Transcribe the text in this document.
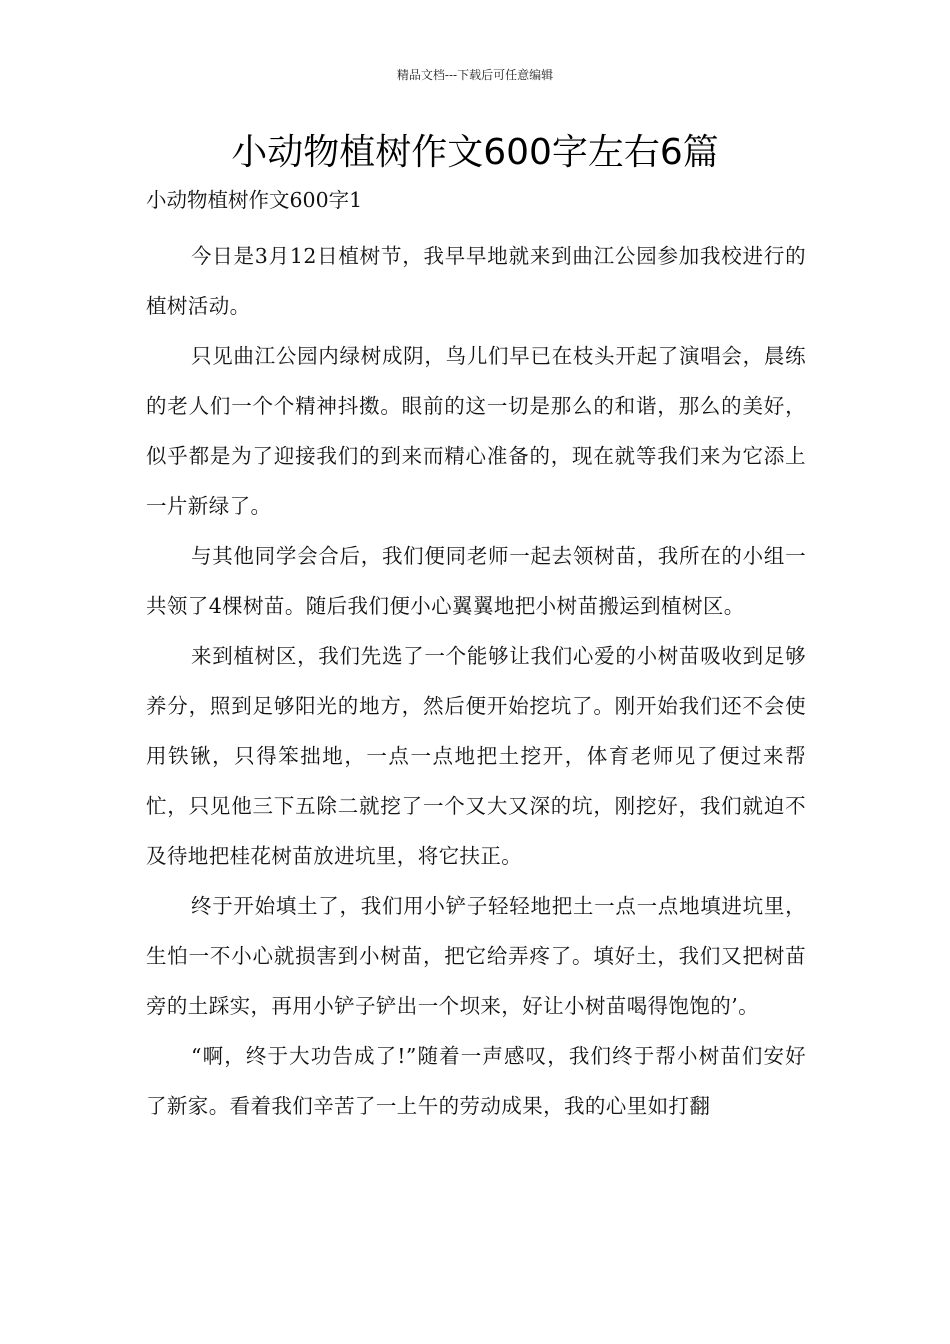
精品文档---下载后可任意编辑
小动物植树作文600字左右6篇
小动物植树作文600字1

今日是3月12日植树节，我早早地就来到曲江公园参加我校进行的植树活动。

只见曲江公园内绿树成阴，鸟儿们早已在枝头开起了演唱会，晨练的老人们一个个精神抖擞。眼前的这一切是那么的和谐，那么的美好，似乎都是为了迎接我们的到来而精心准备的，现在就等我们来为它添上一片新绿了。

与其他同学会合后，我们便同老师一起去领树苗，我所在的小组一共领了4棵树苗。随后我们便小心翼翼地把小树苗搬运到植树区。

来到植树区，我们先选了一个能够让我们心爱的小树苗吸收到足够养分，照到足够阳光的地方，然后便开始挖坑了。刚开始我们还不会使用铁锹，只得笨拙地，一点一点地把土挖开，体育老师见了便过来帮忙，只见他三下五除二就挖了一个又大又深的坑，刚挖好，我们就迫不及待地把桂花树苗放进坑里，将它扶正。

终于开始填土了，我们用小铲子轻轻地把土一点一点地填进坑里，生怕一不小心就损害到小树苗，把它给弄疼了。填好土，我们又把树苗旁的土踩实，再用小铲子铲出一个坝来，好让小树苗喝得饱饱的’。

“啊，终于大功告成了!”随着一声感叹，我们终于帮小树苗们安好了新家。看着我们辛苦了一上午的劳动成果，我的心里如打翻
